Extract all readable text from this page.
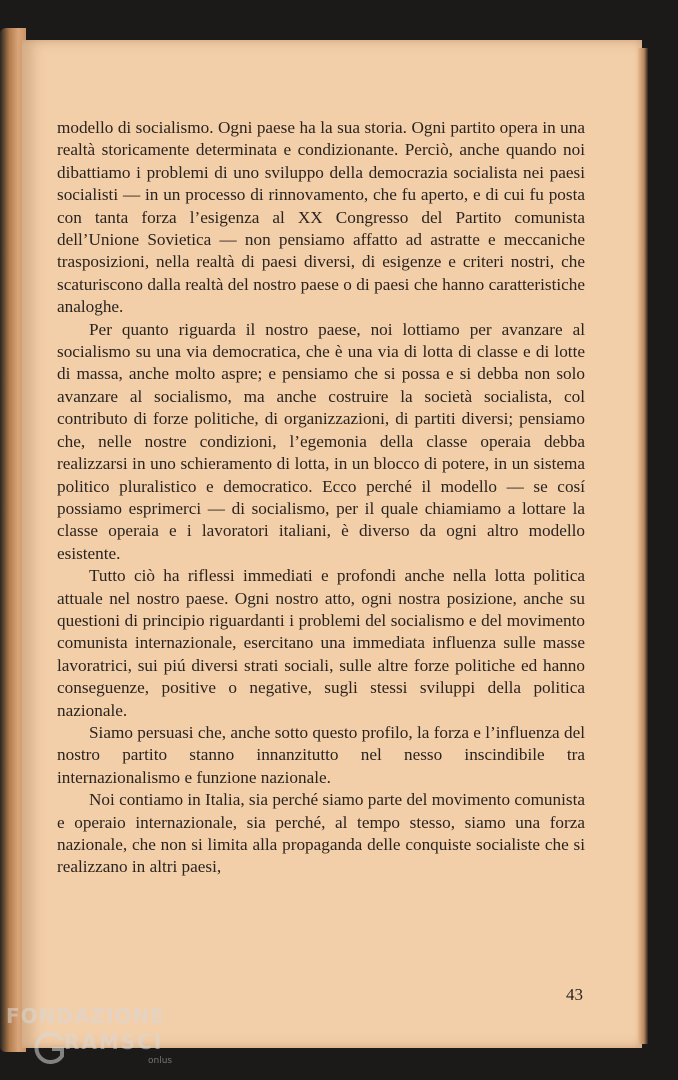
modello di socialismo. Ogni paese ha la sua storia. Ogni partito opera in una realtà storicamente determinata e condizionante. Perciò, anche quando noi dibattiamo i problemi di uno sviluppo della democrazia socialista nei paesi socialisti — in un processo di rinnovamento, che fu aperto, e di cui fu posta con tanta forza l’esigenza al XX Congresso del Partito comunista dell’Unione Sovietica — non pensiamo affatto ad astratte e meccaniche trasposizioni, nella realtà di paesi diversi, di esigenze e criteri nostri, che scaturiscono dalla realtà del nostro paese o di paesi che hanno caratteristiche analoghe.

Per quanto riguarda il nostro paese, noi lottiamo per avanzare al socialismo su una via democratica, che è una via di lotta di classe e di lotte di massa, anche molto aspre; e pensiamo che si possa e si debba non solo avanzare al socialismo, ma anche costruire la società socialista, col contributo di forze politiche, di organizzazioni, di partiti diversi; pensiamo che, nelle nostre condizioni, l’egemonia della classe operaia debba realizzarsi in uno schieramento di lotta, in un blocco di potere, in un sistema politico pluralistico e democratico. Ecco perché il modello — se cosí possiamo esprimerci — di socialismo, per il quale chiamiamo a lottare la classe operaia e i lavoratori italiani, è diverso da ogni altro modello esistente.

Tutto ciò ha riflessi immediati e profondi anche nella lotta politica attuale nel nostro paese. Ogni nostro atto, ogni nostra posizione, anche su questioni di principio riguardanti i problemi del socialismo e del movimento comunista internazionale, esercitano una immediata influenza sulle masse lavoratrici, sui piú diversi strati sociali, sulle altre forze politiche ed hanno conseguenze, positive o negative, sugli stessi sviluppi della politica nazionale.

Siamo persuasi che, anche sotto questo profilo, la forza e l’influenza del nostro partito stanno innanzitutto nel nesso inscindibile tra internazionalismo e funzione nazionale.

Noi contiamo in Italia, sia perché siamo parte del movimento comunista e operaio internazionale, sia perché, al tempo stesso, siamo una forza nazionale, che non si limita alla propaganda delle conquiste socialiste che si realizzano in altri paesi,

43
FONDAZIONE
RAMSCI
onlus
